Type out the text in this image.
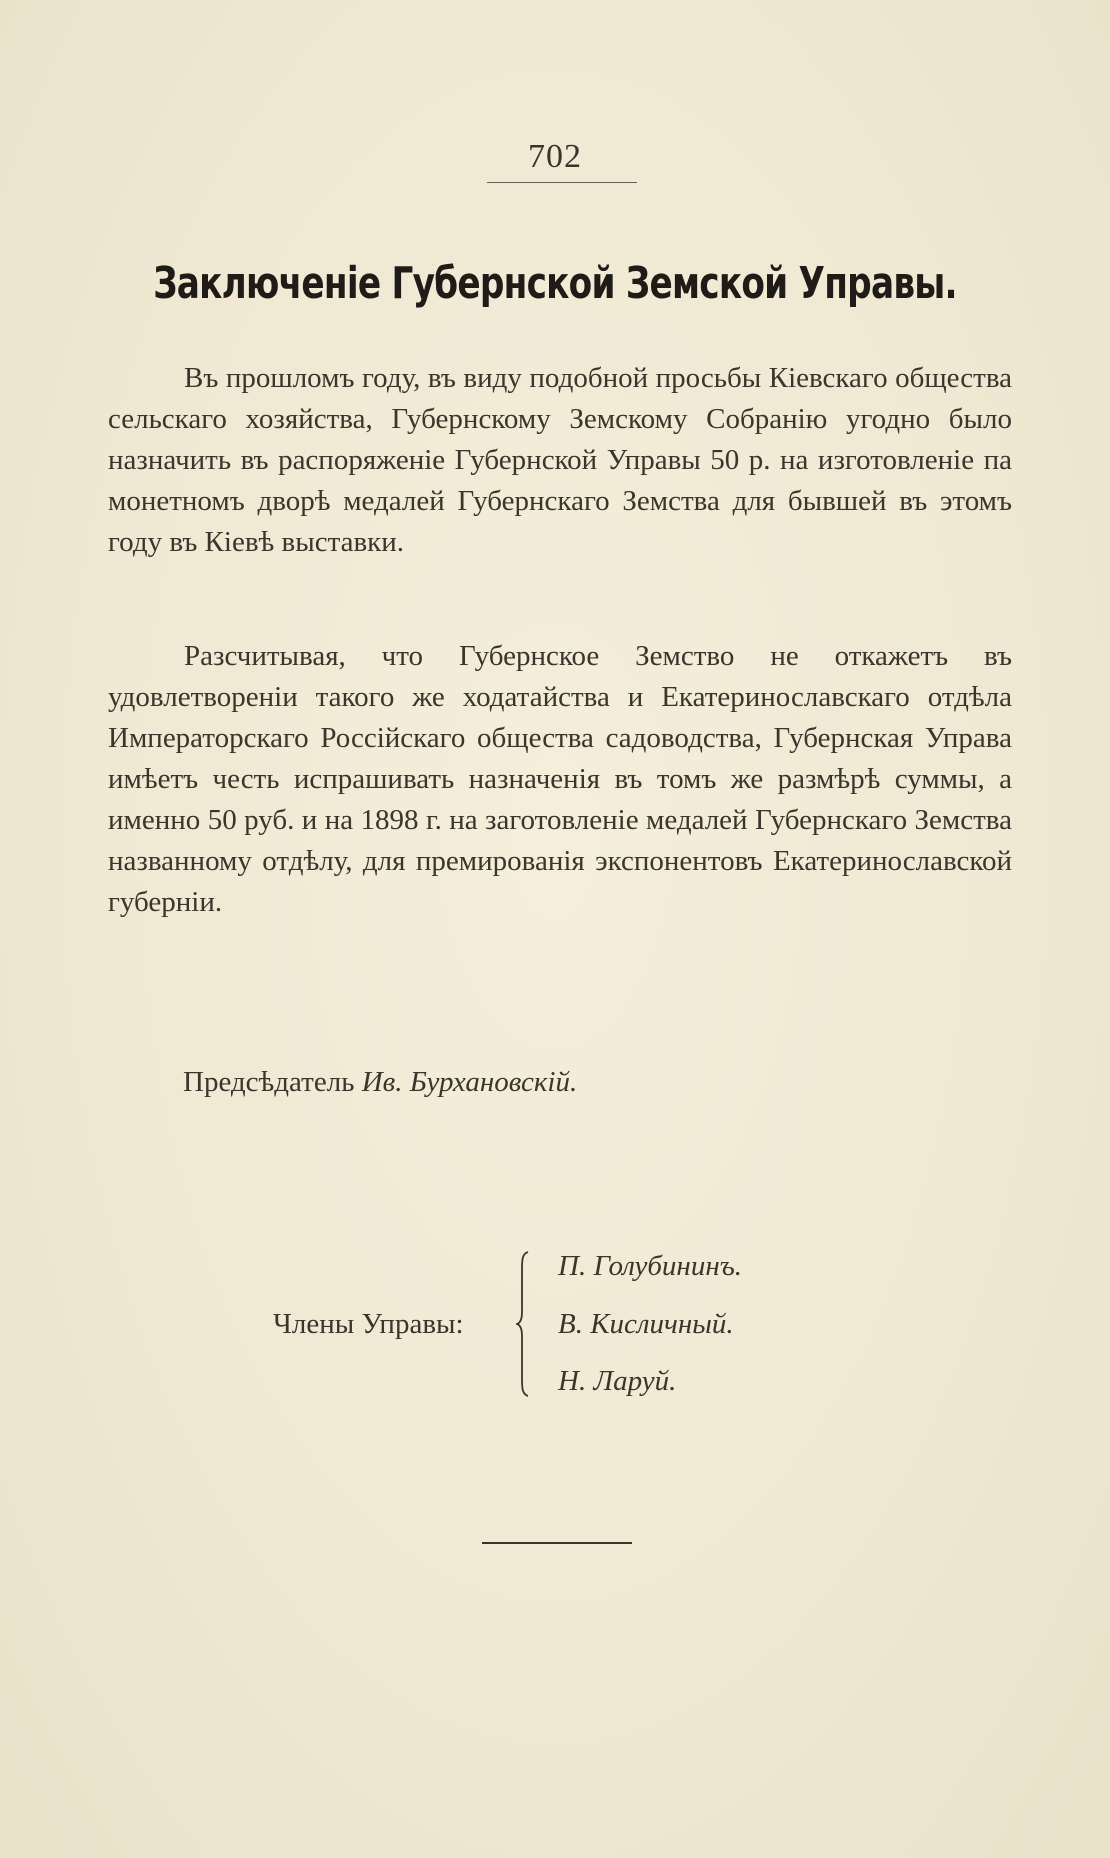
702
Заключеніе Губернской Земской Управы.

Въ прошломъ году, въ виду подобной просьбы Кіевскаго общества сельскаго хозяйства, Губернскому Земскому Собранію угодно было назначить въ распоряженіе Губернской Управы 50 р. на изготовленіе па монетномъ дворѣ медалей Губернскаго Земства для бывшей въ этомъ году въ Кіевѣ выставки.

Разсчитывая, что Губернское Земство не откажетъ въ удовлетвореніи такого же ходатайства и Екатеринославскаго отдѣла Императорскаго Россійскаго общества садоводства, Губернская Управа имѣетъ честь испрашивать назначенія въ томъ же размѣрѣ суммы, а именно 50 руб. и на 1898 г. на заготовленіе медалей Губернскаго Земства названному отдѣлу, для премированія экспонентовъ Екатеринославской губерніи.

Предсѣдатель Ив. Бурхановскій.
Члены Управы:
П. Голубининъ.
В. Кисличный.
Н. Ларуй.
